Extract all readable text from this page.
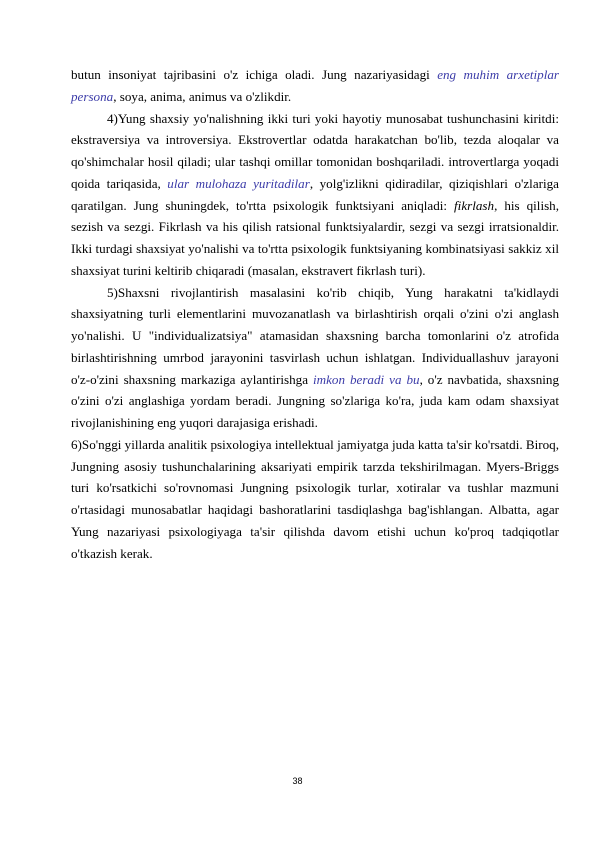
butun insoniyat tajribasini o'z ichiga oladi. Jung nazariyasidagi eng muhim arxetiplar persona, soya, anima, animus va o'zlikdir.

4)Yung shaxsiy yo'nalishning ikki turi yoki hayotiy munosabat tushunchasini kiritdi: ekstraversiya va introversiya. Ekstrovertlar odatda harakatchan bo'lib, tezda aloqalar va qo'shimchalar hosil qiladi; ular tashqi omillar tomonidan boshqariladi. introvertlarga yoqadi qoida tariqasida, ular mulohaza yuritadilar, yolg'izlikni qidiradilar, qiziqishlari o'zlariga qaratilgan. Jung shuningdek, to'rtta psixologik funktsiyani aniqladi: fikrlash, his qilish, sezish va sezgi. Fikrlash va his qilish ratsional funktsiyalardir, sezgi va sezgi irratsionaldir. Ikki turdagi shaxsiyat yo'nalishi va to'rtta psixologik funktsiyaning kombinatsiyasi sakkiz xil shaxsiyat turini keltirib chiqaradi (masalan, ekstravert fikrlash turi).

5)Shaxsni rivojlantirish masalasini ko'rib chiqib, Yung harakatni ta'kidlaydi shaxsiyatning turli elementlarini muvozanatlash va birlashtirish orqali o'zini o'zi anglash yo'nalishi. U "individualizatsiya" atamasidan shaxsning barcha tomonlarini o'z atrofida birlashtirishning umrbod jarayonini tasvirlash uchun ishlatgan. Individuallashuv jarayoni o'z-o'zini shaxsning markaziga aylantirishga imkon beradi va bu, o'z navbatida, shaxsning o'zini o'zi anglashiga yordam beradi. Jungning so'zlariga ko'ra, juda kam odam shaxsiyat rivojlanishining eng yuqori darajasiga erishadi.

6)So'nggi yillarda analitik psixologiya intellektual jamiyatga juda katta ta'sir ko'rsatdi. Biroq, Jungning asosiy tushunchalarining aksariyati empirik tarzda tekshirilmagan. Myers-Briggs turi ko'rsatkichi so'rovnomasi Jungning psixologik turlar, xotiralar va tushlar mazmuni o'rtasidagi munosabatlar haqidagi bashoratlarini tasdiqlashga bag'ishlangan. Albatta, agar Yung nazariyasi psixologiyaga ta'sir qilishda davom etishi uchun ko'proq tadqiqotlar o'tkazish kerak.

38
